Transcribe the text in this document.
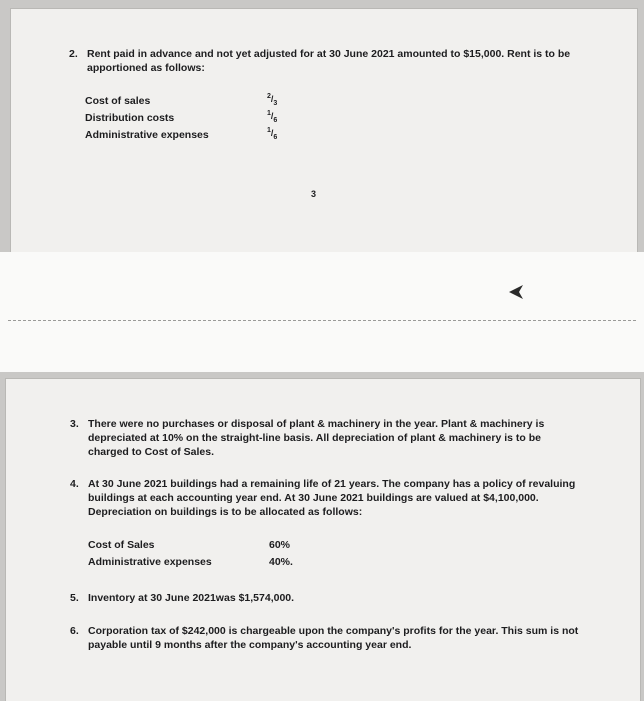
2. Rent paid in advance and not yet adjusted for at 30 June 2021 amounted to $15,000. Rent is to be apportioned as follows:
Cost of sales
Distribution costs
Administrative expenses
$^2/_3$
$^1/_6$
$^1/_6$
3
3. There were no purchases or disposal of plant & machinery in the year. Plant & machinery is depreciated at 10% on the straight-line basis. All depreciation of plant & machinery is to be charged to Cost of Sales.
4. At 30 June 2021 buildings had a remaining life of 21 years. The company has a policy of revaluing buildings at each accounting year end. At 30 June 2021 buildings are valued at $4,100,000. Depreciation on buildings is to be allocated as follows:
Cost of Sales
Administrative expenses
60%
40%.
5. Inventory at 30 June 2021was $1,574,000.
6. Corporation tax of $242,000 is chargeable upon the company's profits for the year. This sum is not payable until 9 months after the company's accounting year end.
